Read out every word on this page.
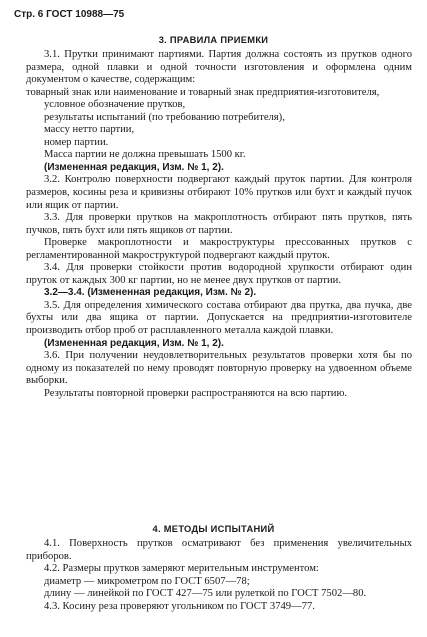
Стр. 6 ГОСТ 10988—75
3. ПРАВИЛА ПРИЕМКИ

3.1. Прутки принимают партиями. Партия должна состоять из прутков одного размера, одной плавки и одной точности изготовления и оформлена одним документом о качестве, содержащим:

товарный знак или наименование и товарный знак предприятия-изготовителя,

условное обозначение прутков,

результаты испытаний (по требованию потребителя),

массу нетто партии,

номер партии.

Масса партии не должна превышать 1500 кг.

(Измененная редакция, Изм. № 1, 2).

3.2. Контролю поверхности подвергают каждый пруток партии. Для контроля размеров, косины реза и кривизны отбирают 10% прутков или бухт и каждый пучок или ящик от партии.

3.3. Для проверки прутков на макроплотность отбирают пять прутков, пять пучков, пять бухт или пять ящиков от партии.

Проверке макроплотности и макроструктуры прессованных прутков с регламентированной макроструктурой подвергают каждый пруток.

3.4. Для проверки стойкости против водородной хрупкости отбирают один пруток от каждых 300 кг партии, но не менее двух прутков от партии.

3.2—3.4. (Измененная редакция, Изм. № 2).

3.5. Для определения химического состава отбирают два прутка, два пучка, две бухты или два ящика от партии. Допускается на предприятии-изготовителе производить отбор проб от расплавленного металла каждой плавки.

(Измененная редакция, Изм. № 1, 2).

3.6. При получении неудовлетворительных результатов проверки хотя бы по одному из показателей по нему проводят повторную проверку на удвоенном объеме выборки.

Результаты повторной проверки распространяются на всю партию.

4. МЕТОДЫ ИСПЫТАНИЙ

4.1. Поверхность прутков осматривают без применения увеличительных приборов.

4.2. Размеры прутков замеряют мерительным инструментом:

диаметр — микрометром по ГОСТ 6507—78;

длину — линейкой по ГОСТ 427—75 или рулеткой по ГОСТ 7502—80.

4.3. Косину реза проверяют угольником по ГОСТ 3749—77.
